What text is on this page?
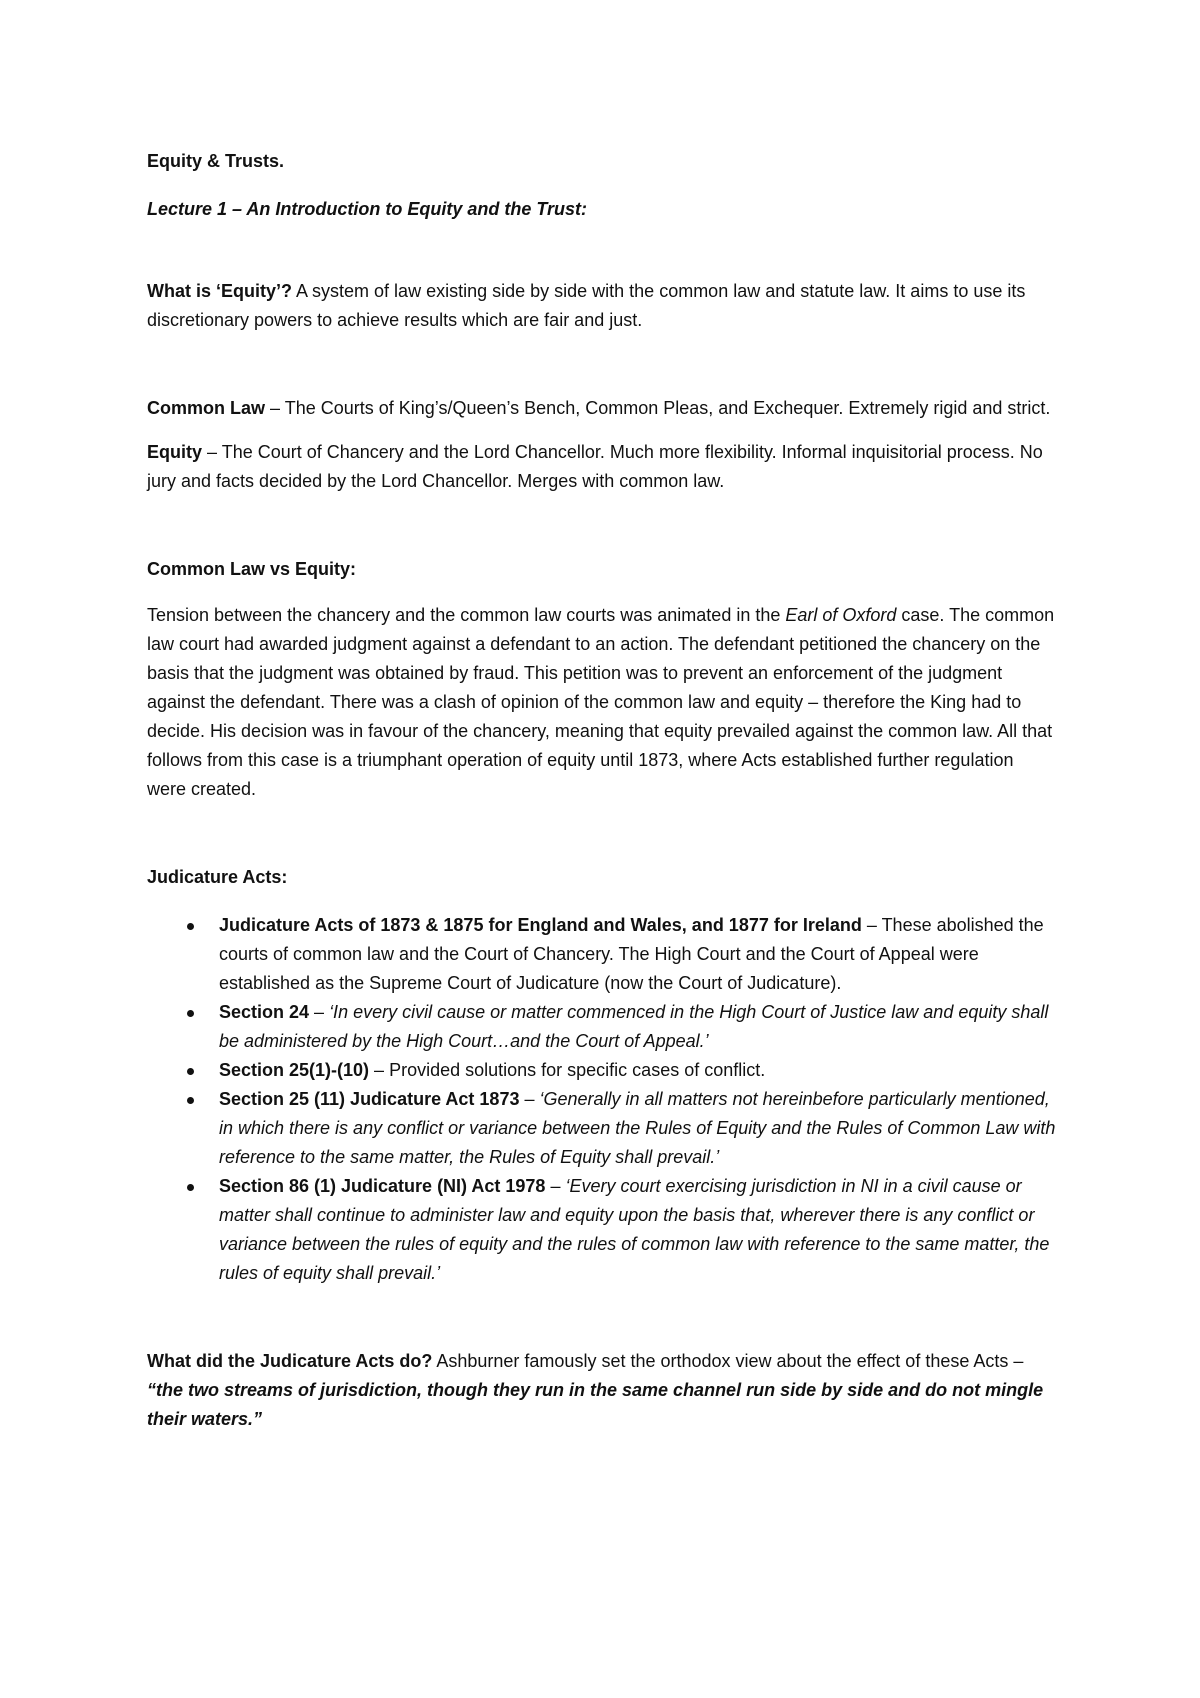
Equity & Trusts.

Lecture 1 – An Introduction to Equity and the Trust:

What is ‘Equity’? A system of law existing side by side with the common law and statute law. It aims to use its discretionary powers to achieve results which are fair and just.

Common Law – The Courts of King’s/Queen’s Bench, Common Pleas, and Exchequer. Extremely rigid and strict.

Equity – The Court of Chancery and the Lord Chancellor. Much more flexibility. Informal inquisitorial process. No jury and facts decided by the Lord Chancellor. Merges with common law.

Common Law vs Equity:

Tension between the chancery and the common law courts was animated in the Earl of Oxford case. The common law court had awarded judgment against a defendant to an action. The defendant petitioned the chancery on the basis that the judgment was obtained by fraud. This petition was to prevent an enforcement of the judgment against the defendant. There was a clash of opinion of the common law and equity – therefore the King had to decide. His decision was in favour of the chancery, meaning that equity prevailed against the common law. All that follows from this case is a triumphant operation of equity until 1873, where Acts established further regulation were created.

Judicature Acts:

Judicature Acts of 1873 & 1875 for England and Wales, and 1877 for Ireland – These abolished the courts of common law and the Court of Chancery. The High Court and the Court of Appeal were established as the Supreme Court of Judicature (now the Court of Judicature).
Section 24 – ‘In every civil cause or matter commenced in the High Court of Justice law and equity shall be administered by the High Court…and the Court of Appeal.’
Section 25(1)-(10) – Provided solutions for specific cases of conflict.
Section 25 (11) Judicature Act 1873 – ‘Generally in all matters not hereinbefore particularly mentioned, in which there is any conflict or variance between the Rules of Equity and the Rules of Common Law with reference to the same matter, the Rules of Equity shall prevail.’
Section 86 (1) Judicature (NI) Act 1978 – ‘Every court exercising jurisdiction in NI in a civil cause or matter shall continue to administer law and equity upon the basis that, wherever there is any conflict or variance between the rules of equity and the rules of common law with reference to the same matter, the rules of equity shall prevail.’

What did the Judicature Acts do? Ashburner famously set the orthodox view about the effect of these Acts – “the two streams of jurisdiction, though they run in the same channel run side by side and do not mingle their waters.”
